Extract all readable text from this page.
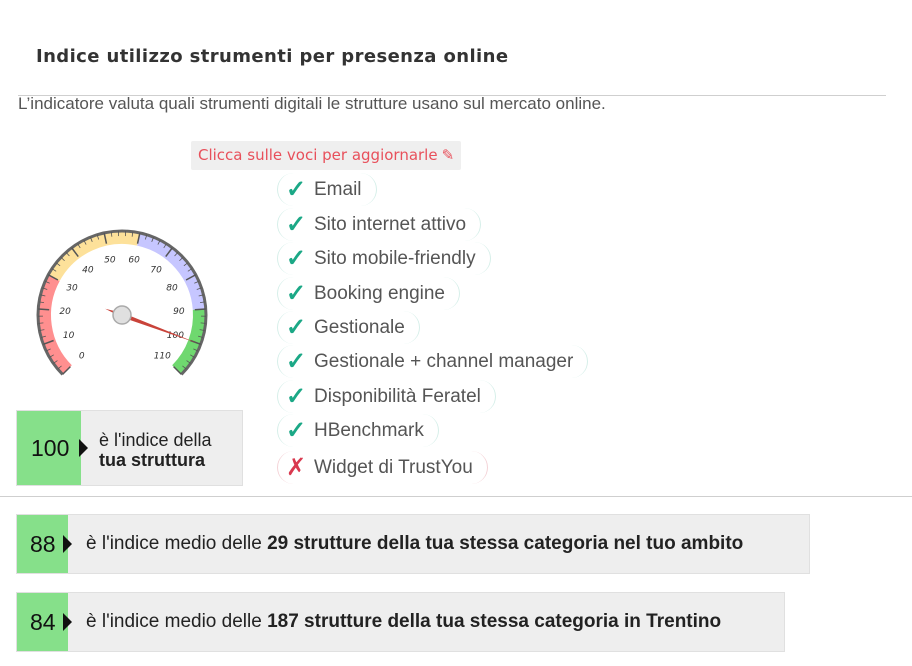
Indice utilizzo strumenti per presenza online
L’indicatore valuta quali strumenti digitali le strutture usano sul mercato online.
Clicca sulle voci per aggiornarle ✎
✓ Email
✓ Sito internet attivo
✓ Sito mobile-friendly
✓ Booking engine
✓ Gestionale
✓ Gestionale + channel manager
✓ Disponibilità Feratel
✓ HBenchmark
✗ Widget di TrustYou
0
10
20
30
40
50 60
70
80
90
100
110
100	è l'indice della
tua struttura
88	è l'indice medio delle 29 strutture della tua stessa categoria nel tuo ambito
84	è l'indice medio delle 187 strutture della tua stessa categoria in Trentino
